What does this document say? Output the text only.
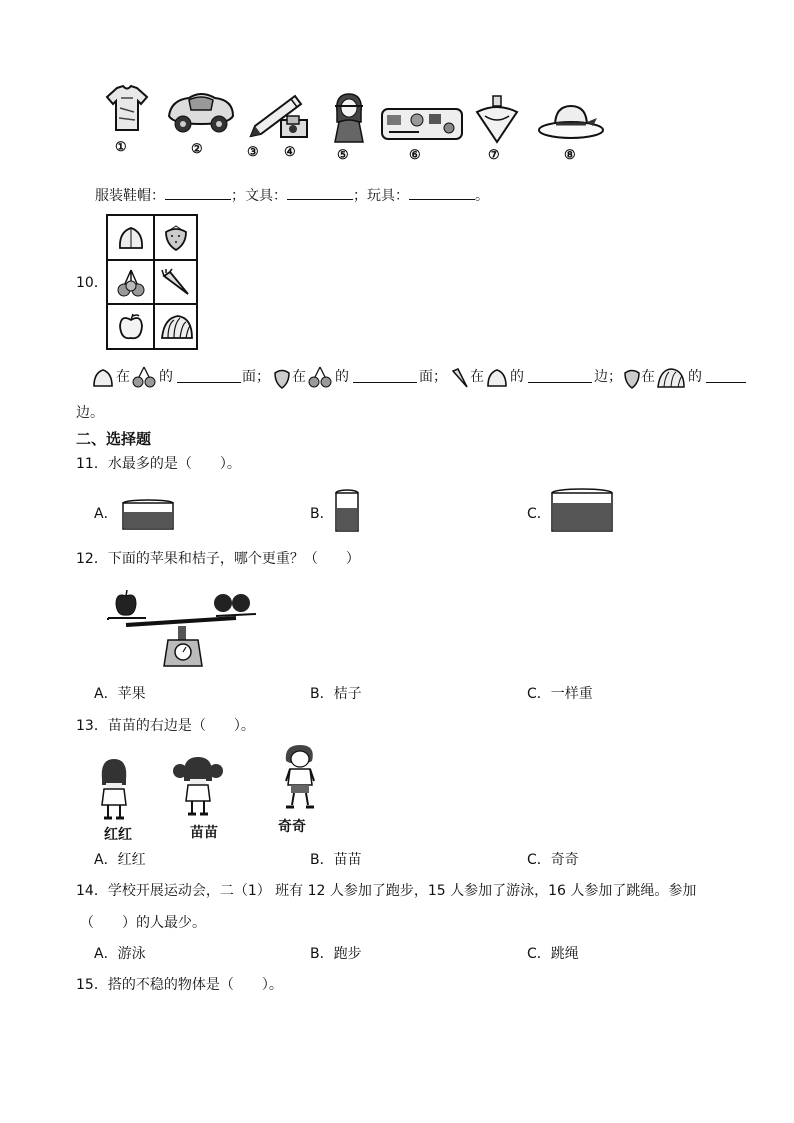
①	②	③ ④	⑤	⑥	⑦	⑧
服装鞋帽：	；文具：	；玩具：	。
10．
在 的	面； 在 的	面； 在 的	边； 在 的
边。
二、选择题
11．水最多的是（　　）。
A．	B．	C．
12．下面的苹果和桔子，哪个更重？（　　）
A．苹果	B．桔子	C．一样重
13．苗苗的右边是（　　）。
红红	苗苗	奇奇
A．红红	B．苗苗	C．奇奇
14．学校开展运动会，二（1） 班有 12 人参加了跑步，15 人参加了游泳，16 人参加了跳绳。参加
（　　）的人最少。
A．游泳	B．跑步	C．跳绳
15．搭的不稳的物体是（　　）。
